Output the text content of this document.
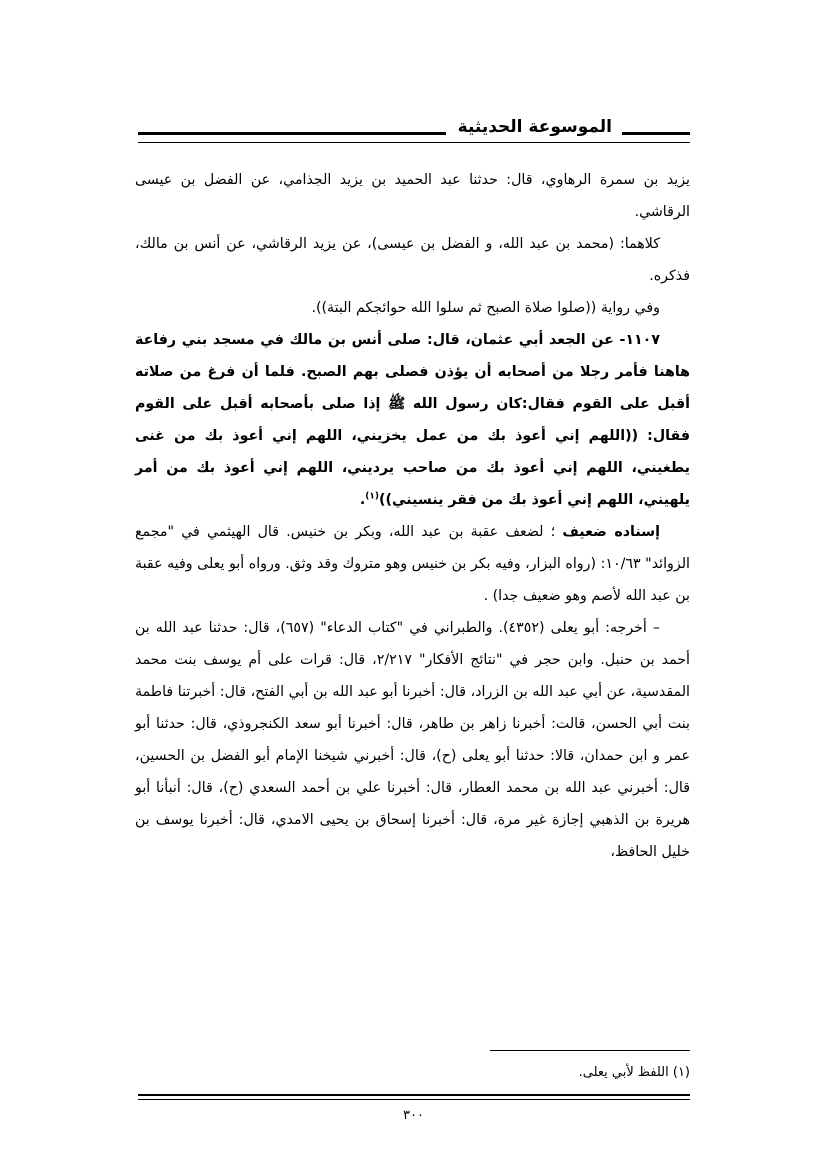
الموسوعة الحديثية

يزيد بن سمرة الرهاوي، قال: حدثنا عبد الحميد بن يزيد الجذامي، عن الفضل بن عيسى الرقاشي.

كلاهما: (محمد بن عبد الله، و الفضل بن عيسى)، عن يزيد الرقاشي، عن أنس بن مالك، فذكره.

وفي رواية ((صلوا صلاة الصبح ثم سلوا الله حوائجكم البتة)).

١١٠٧- عن الجعد أبي عثمان، قال: صلى أنس بن مالك في مسجد بني رفاعة هاهنا فأمر رجلا من أصحابه أن يؤذن فصلى بهم الصبح. فلما أن فرغ من صلاته أقبل على القوم فقال:كان رسول الله ﷺ إذا صلى بأصحابه أقبل على القوم فقال: ((اللهم إني أعوذ بك من عمل يخزيني، اللهم إني أعوذ بك من غنى يطغيني، اللهم إني أعوذ بك من صاحب يرديني، اللهم إني أعوذ بك من أمر يلهيني، اللهم إني أعوذ بك من فقر ينسيني))$^{(١)}$.

إسناده ضعيف ؛ لضعف عقبة بن عبد الله، وبكر بن خنيس. قال الهيثمي في "مجمع الزوائد" ١٠/٦٣: (رواه البزار، وفيه بكر بن خنيس وهو متروك وقد وثق. ورواه أبو يعلى وفيه عقبة بن عبد الله لأصم وهو ضعيف جدا) .

– أخرجه: أبو يعلى (٤٣٥٢). والطبراني في "كتاب الدعاء" (٦٥٧)، قال: حدثنا عبد الله بن أحمد بن حنبل. وابن حجر في "نتائج الأفكار" ٢/٢١٧، قال: قرات على أم يوسف بنت محمد المقدسية، عن أبي عبد الله بن الزراد، قال: أخبرنا أبو عبد الله بن أبي الفتح، قال: أخبرتنا فاطمة بنت أبي الحسن، قالت: أخبرنا زاهر بن طاهر، قال: أخبرنا أبو سعد الكنجروذي، قال: حدثنا أبو عمر و ابن حمدان، قالا: حدثنا أبو يعلى (ح)، قال: أخبرني شيخنا الإمام أبو الفضل بن الحسين، قال: أخبرني عبد الله بن محمد العطار، قال: أخبرنا علي بن أحمد السعدي (ح)، قال: أنبأنا أبو هريرة بن الذهبي إجازة غير مرة، قال: أخبرنا إسحاق بن يحيى الامدي، قال: أخبرنا يوسف بن خليل الحافظ،

(١) اللفظ لأبي يعلى.
٣٠٠
